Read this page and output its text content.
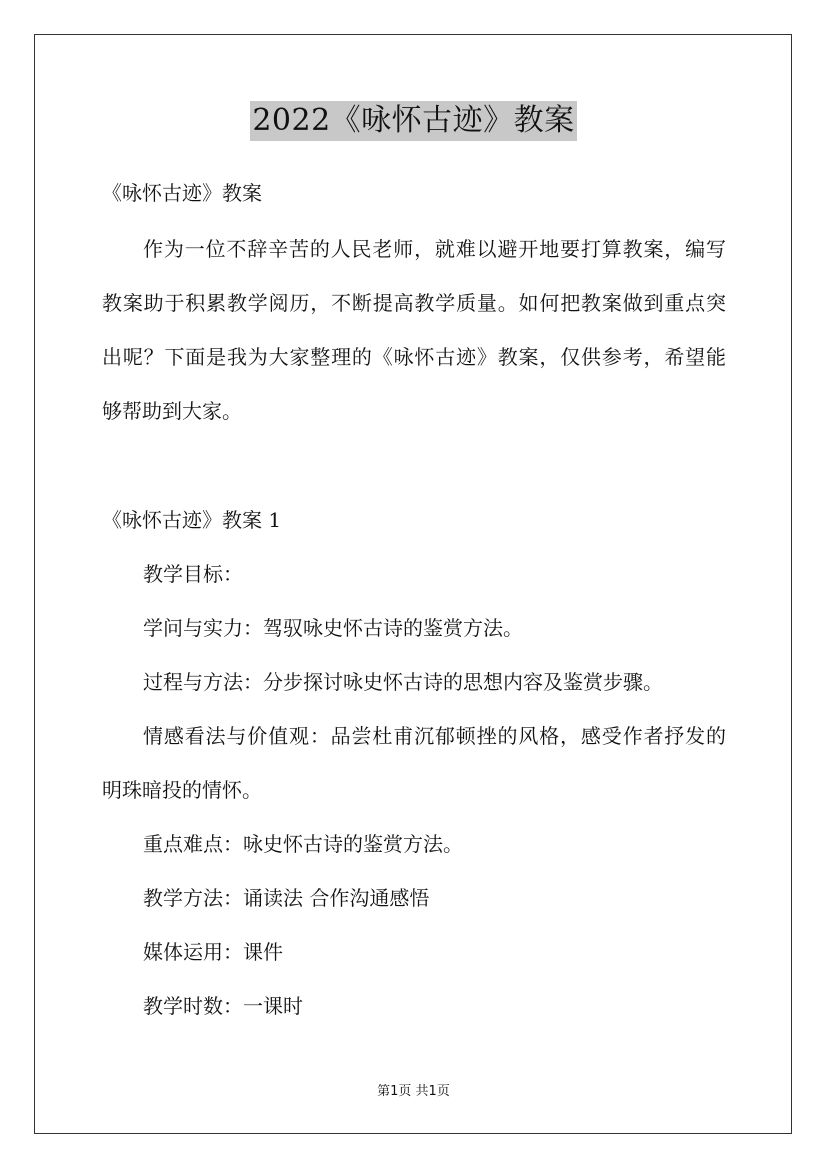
2022《咏怀古迹》教案
《咏怀古迹》教案
作为一位不辞辛苦的人民老师，就难以避开地要打算教案，编写
教案助于积累教学阅历，不断提高教学质量。如何把教案做到重点突
出呢？下面是我为大家整理的《咏怀古迹》教案，仅供参考，希望能
够帮助到大家。
《咏怀古迹》教案 1
教学目标：
学问与实力：驾驭咏史怀古诗的鉴赏方法。
过程与方法：分步探讨咏史怀古诗的思想内容及鉴赏步骤。
情感看法与价值观：品尝杜甫沉郁顿挫的风格，感受作者抒发的
明珠暗投的情怀。
重点难点：咏史怀古诗的鉴赏方法。
教学方法：诵读法 合作沟通感悟
媒体运用：课件
教学时数：一课时
第1页 共1页
